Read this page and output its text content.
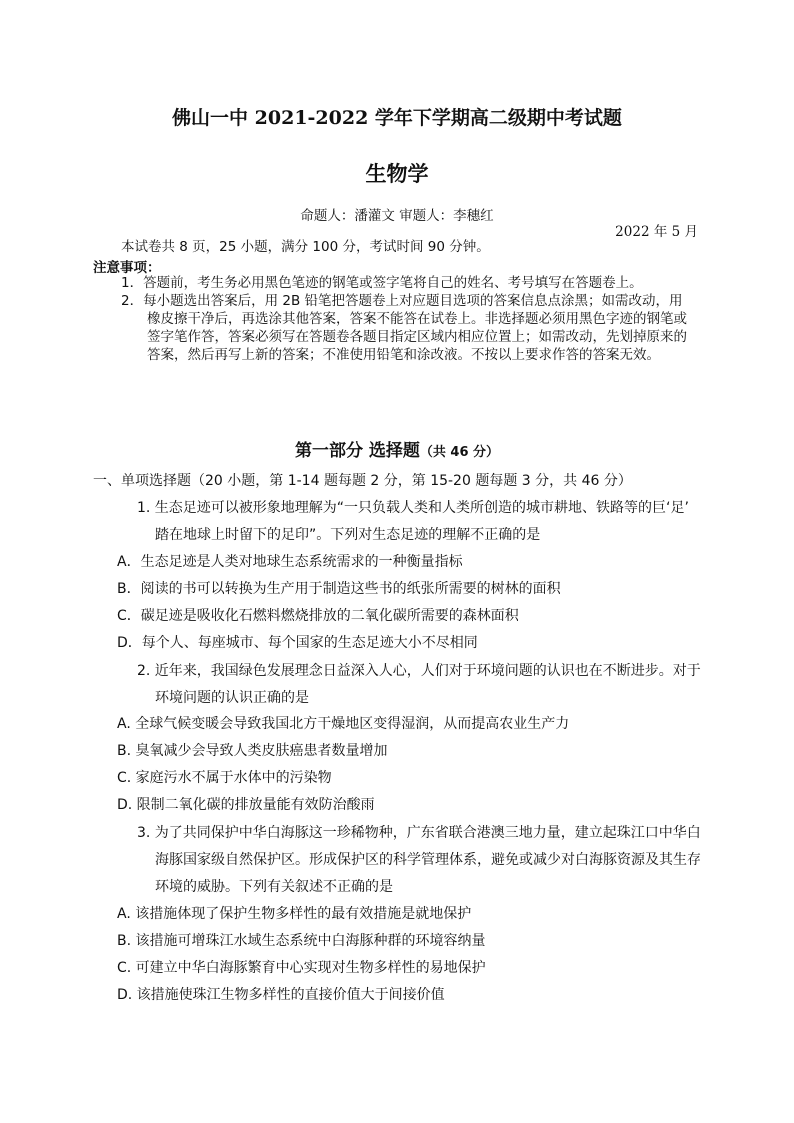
佛山一中 2021-2022 学年下学期高二级期中考试题
生物学
命题人：潘灌文 审题人：李穗红
2022 年 5 月
本试卷共 8 页，25 小题，满分 100 分，考试时间 90 分钟。
注意事项：
1．答题前，考生务必用黑色笔迹的钢笔或签字笔将自己的姓名、考号填写在答题卷上。
2．每小题选出答案后，用 2B 铅笔把答题卷上对应题目选项的答案信息点涂黑；如需改动，用
橡皮擦干净后，再选涂其他答案，答案不能答在试卷上。非选择题必须用黑色字迹的钢笔或
签字笔作答，答案必须写在答题卷各题目指定区域内相应位置上；如需改动，先划掉原来的
答案，然后再写上新的答案；不准使用铅笔和涂改液。不按以上要求作答的答案无效。
第一部分 选择题（共 46 分）
一、单项选择题（20 小题，第 1-14 题每题 2 分，第 15-20 题每题 3 分，共 46 分）
1. 生态足迹可以被形象地理解为“一只负载人类和人类所创造的城市耕地、铁路等的巨‘足’
踏在地球上时留下的足印”。下列对生态足迹的理解不正确的是
A．生态足迹是人类对地球生态系统需求的一种衡量指标
B．阅读的书可以转换为生产用于制造这些书的纸张所需要的树林的面积
C．碳足迹是吸收化石燃料燃烧排放的二氧化碳所需要的森林面积
D．每个人、每座城市、每个国家的生态足迹大小不尽相同
2. 近年来，我国绿色发展理念日益深入人心，人们对于环境问题的认识也在不断进步。对于
环境问题的认识正确的是
A. 全球气候变暖会导致我国北方干燥地区变得湿润，从而提高农业生产力
B. 臭氧减少会导致人类皮肤癌患者数量增加
C. 家庭污水不属于水体中的污染物
D. 限制二氧化碳的排放量能有效防治酸雨
3. 为了共同保护中华白海豚这一珍稀物种，广东省联合港澳三地力量，建立起珠江口中华白
海豚国家级自然保护区。形成保护区的科学管理体系，避免或减少对白海豚资源及其生存
环境的威胁。下列有关叙述不正确的是
A. 该措施体现了保护生物多样性的最有效措施是就地保护
B. 该措施可增珠江水域生态系统中白海豚种群的环境容纳量
C. 可建立中华白海豚繁育中心实现对生物多样性的易地保护
D. 该措施使珠江生物多样性的直接价值大于间接价值
